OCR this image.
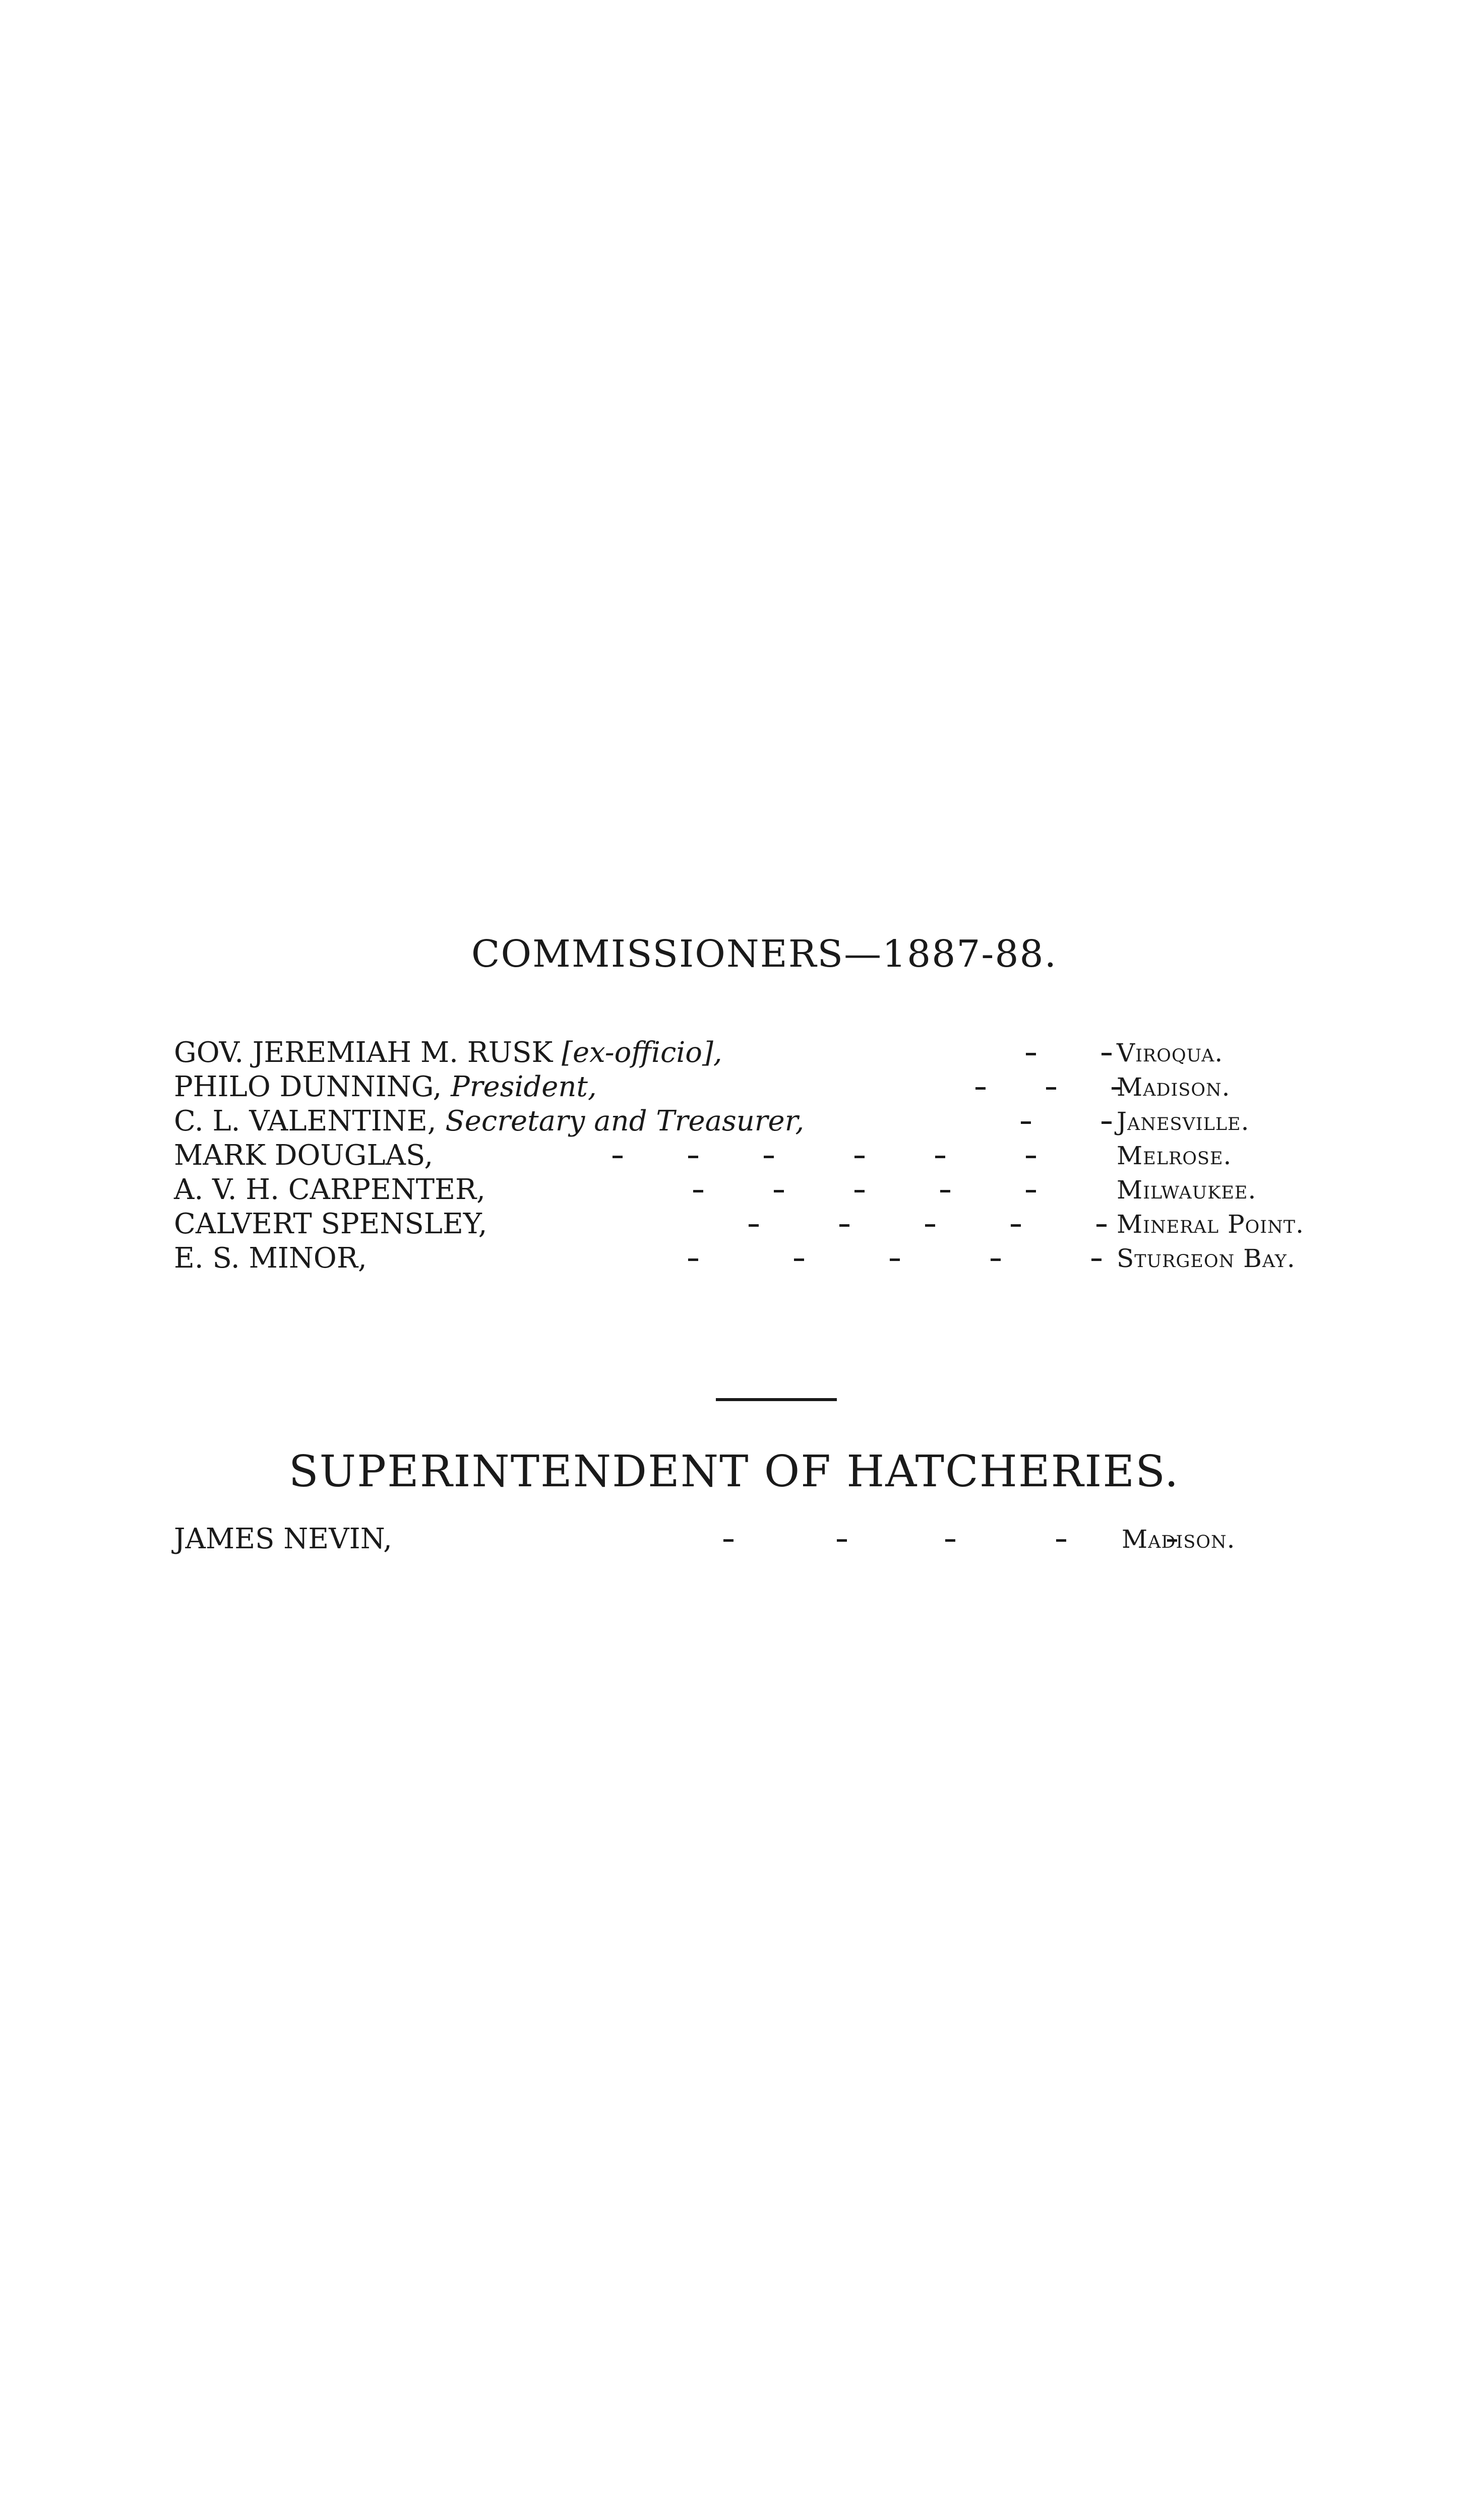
COMMISSIONERS—1887-88.
GOV. JEREMIAH M. RUSK [ex-officio],	Viroqua.
PHILO DUNNING, President,	Madison.
C. L. VALENTINE, Secretary and Treasurer,	Janesville.
MARK DOUGLAS,	Melrose.
A. V. H. CARPENTER,	Milwaukee.
CALVERT SPENSLEY,	Mineral Point.
E. S. MINOR,	Sturgeon Bay.
SUPERINTENDENT OF HATCHERIES.
JAMES NEVIN,	Madison.
